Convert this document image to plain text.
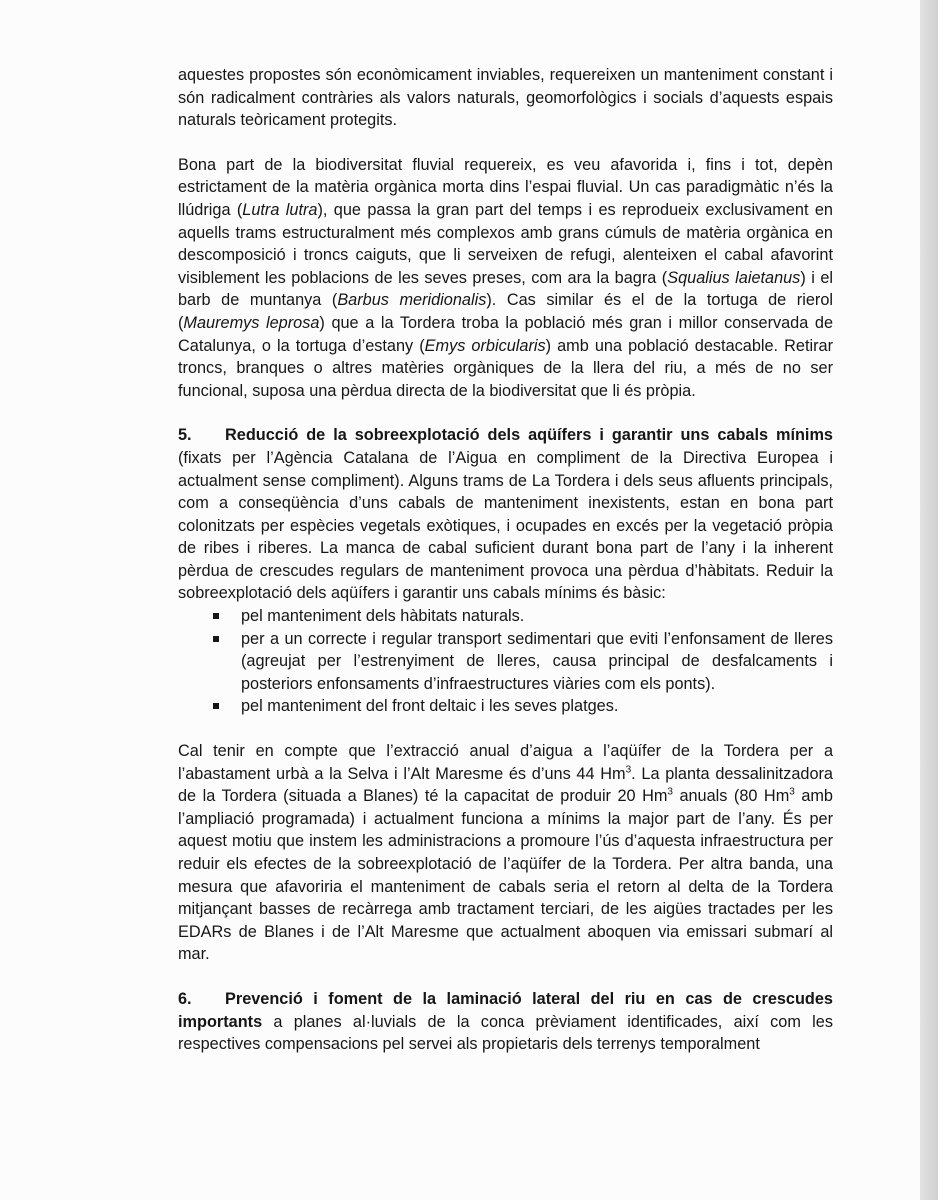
aquestes propostes són econòmicament inviables, requereixen un manteniment constant i són radicalment contràries als valors naturals, geomorfològics i socials d’aquests espais naturals teòricament protegits.

Bona part de la biodiversitat fluvial requereix, es veu afavorida i, fins i tot, depèn estrictament de la matèria orgànica morta dins l’espai fluvial. Un cas paradigmàtic n’és la llúdriga (Lutra lutra), que passa la gran part del temps i es reprodueix exclusivament en aquells trams estructuralment més complexos amb grans cúmuls de matèria orgànica en descomposició i troncs caiguts, que li serveixen de refugi, alenteixen el cabal afavorint visiblement les poblacions de les seves preses, com ara la bagra (Squalius laietanus) i el barb de muntanya (Barbus meridionalis). Cas similar és el de la tortuga de rierol (Mauremys leprosa) que a la Tordera troba la població més gran i millor conservada de Catalunya, o la tortuga d’estany (Emys orbicularis) amb una població destacable. Retirar troncs, branques o altres matèries orgàniques de la llera del riu, a més de no ser funcional, suposa una pèrdua directa de la biodiversitat que li és pròpia.

5. Reducció de la sobreexplotació dels aqüífers i garantir uns cabals mínims (fixats per l’Agència Catalana de l’Aigua en compliment de la Directiva Europea i actualment sense compliment). Alguns trams de La Tordera i dels seus afluents principals, com a conseqüència d’uns cabals de manteniment inexistents, estan en bona part colonitzats per espècies vegetals exòtiques, i ocupades en excés per la vegetació pròpia de ribes i riberes. La manca de cabal suficient durant bona part de l’any i la inherent pèrdua de crescudes regulars de manteniment provoca una pèrdua d’hàbitats. Reduir la sobreexplotació dels aqüífers i garantir uns cabals mínims és bàsic:

pel manteniment dels hàbitats naturals.
per a un correcte i regular transport sedimentari que eviti l’enfonsament de lleres (agreujat per l’estrenyiment de lleres, causa principal de desfalcaments i posteriors enfonsaments d’infraestructures viàries com els ponts).
pel manteniment del front deltaic i les seves platges.

Cal tenir en compte que l’extracció anual d’aigua a l’aqüífer de la Tordera per a l’abastament urbà a la Selva i l’Alt Maresme és d’uns 44 Hm$^3$. La planta dessalinitzadora de la Tordera (situada a Blanes) té la capacitat de produir 20 Hm$^3$ anuals (80 Hm$^3$ amb l’ampliació programada) i actualment funciona a mínims la major part de l’any. És per aquest motiu que instem les administracions a promoure l’ús d’aquesta infraestructura per reduir els efectes de la sobreexplotació de l’aqüífer de la Tordera. Per altra banda, una mesura que afavoriria el manteniment de cabals seria el retorn al delta de la Tordera mitjançant basses de recàrrega amb tractament terciari, de les aigües tractades per les EDARs de Blanes i de l’Alt Maresme que actualment aboquen via emissari submarí al mar.

6. Prevenció i foment de la laminació lateral del riu en cas de crescudes importants a planes al·luvials de la conca prèviament identificades, així com les respectives compensacions pel servei als propietaris dels terrenys temporalment
